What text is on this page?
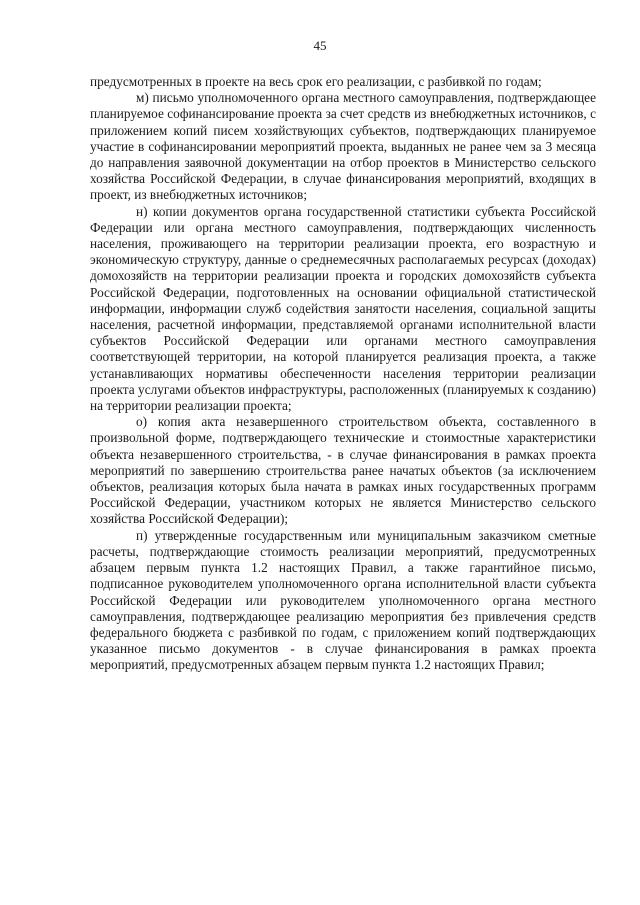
45

предусмотренных в проекте на весь срок его реализации, с разбивкой по годам;

м) письмо уполномоченного органа местного самоуправления, подтверждающее планируемое софинансирование проекта за счет средств из внебюджетных источников, с приложением копий писем хозяйствующих субъектов, подтверждающих планируемое участие в софинансировании мероприятий проекта, выданных не ранее чем за 3 месяца до направления заявочной документации на отбор проектов в Министерство сельского хозяйства Российской Федерации, в случае финансирования мероприятий, входящих в проект, из внебюджетных источников;

н) копии документов органа государственной статистики субъекта Российской Федерации или органа местного самоуправления, подтверждающих численность населения, проживающего на территории реализации проекта, его возрастную и экономическую структуру, данные о среднемесячных располагаемых ресурсах (доходах) домохозяйств на территории реализации проекта и городских домохозяйств субъекта Российской Федерации, подготовленных на основании официальной статистической информации, информации служб содействия занятости населения, социальной защиты населения, расчетной информации, представляемой органами исполнительной власти субъектов Российской Федерации или органами местного самоуправления соответствующей территории, на которой планируется реализация проекта, а также устанавливающих нормативы обеспеченности населения территории реализации проекта услугами объектов инфраструктуры, расположенных (планируемых к созданию) на территории реализации проекта;

о) копия акта незавершенного строительством объекта, составленного в произвольной форме, подтверждающего технические и стоимостные характеристики объекта незавершенного строительства, - в случае финансирования в рамках проекта мероприятий по завершению строительства ранее начатых объектов (за исключением объектов, реализация которых была начата в рамках иных государственных программ Российской Федерации, участником которых не является Министерство сельского хозяйства Российской Федерации);

п) утвержденные государственным или муниципальным заказчиком сметные расчеты, подтверждающие стоимость реализации мероприятий, предусмотренных абзацем первым пункта 1.2 настоящих Правил, а также гарантийное письмо, подписанное руководителем уполномоченного органа исполнительной власти субъекта Российской Федерации или руководителем уполномоченного органа местного самоуправления, подтверждающее реализацию мероприятия без привлечения средств федерального бюджета с разбивкой по годам, с приложением копий подтверждающих указанное письмо документов - в случае финансирования в рамках проекта мероприятий, предусмотренных абзацем первым пункта 1.2 настоящих Правил;
